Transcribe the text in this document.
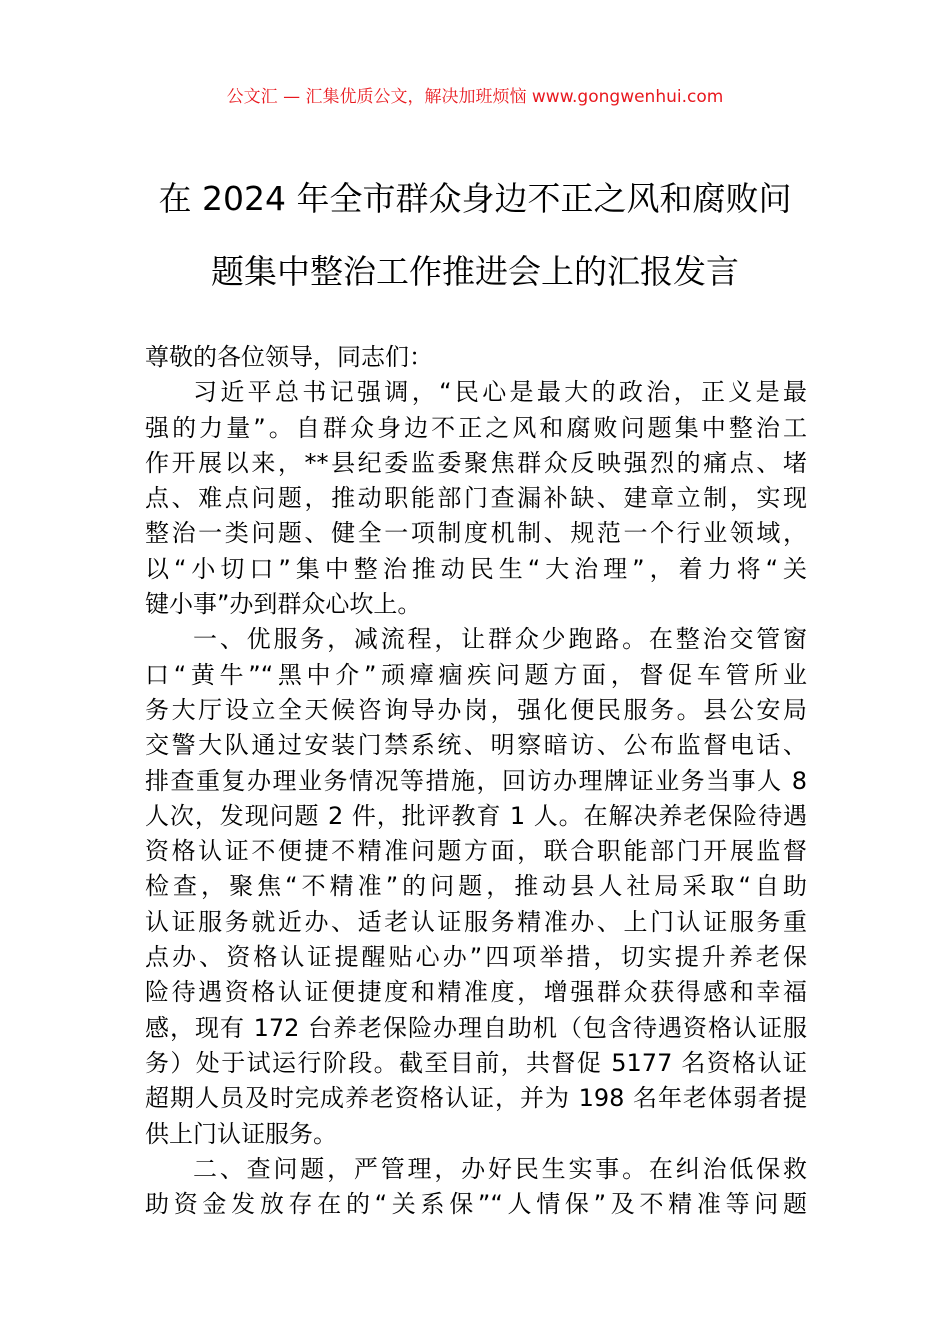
公文汇 — 汇集优质公文，解决加班烦恼 www.gongwenhui.com
在 2024 年全市群众身边不正之风和腐败问
题集中整治工作推进会上的汇报发言
尊敬的各位领导，同志们：
习近平总书记强调，“民心是最大的政治，正义是最
强的力量”。自群众身边不正之风和腐败问题集中整治工
作开展以来，**县纪委监委聚焦群众反映强烈的痛点、堵
点、难点问题，推动职能部门查漏补缺、建章立制，实现
整治一类问题、健全一项制度机制、规范一个行业领域，
以“小切口”集中整治推动民生“大治理”，着力将“关
键小事”办到群众心坎上。
一、优服务，减流程，让群众少跑路。在整治交管窗
口“黄牛”“黑中介”顽瘴痼疾问题方面，督促车管所业
务大厅设立全天候咨询导办岗，强化便民服务。县公安局
交警大队通过安装门禁系统、明察暗访、公布监督电话、
排查重复办理业务情况等措施，回访办理牌证业务当事人 8
人次，发现问题 2 件，批评教育 1 人。在解决养老保险待遇
资格认证不便捷不精准问题方面，联合职能部门开展监督
检查，聚焦“不精准”的问题，推动县人社局采取“自助
认证服务就近办、适老认证服务精准办、上门认证服务重
点办、资格认证提醒贴心办”四项举措，切实提升养老保
险待遇资格认证便捷度和精准度，增强群众获得感和幸福
感，现有 172 台养老保险办理自助机（包含待遇资格认证服
务）处于试运行阶段。截至目前，共督促 5177 名资格认证
超期人员及时完成养老资格认证，并为 198 名年老体弱者提
供上门认证服务。
二、查问题，严管理，办好民生实事。在纠治低保救
助资金发放存在的“关系保”“人情保”及不精准等问题
